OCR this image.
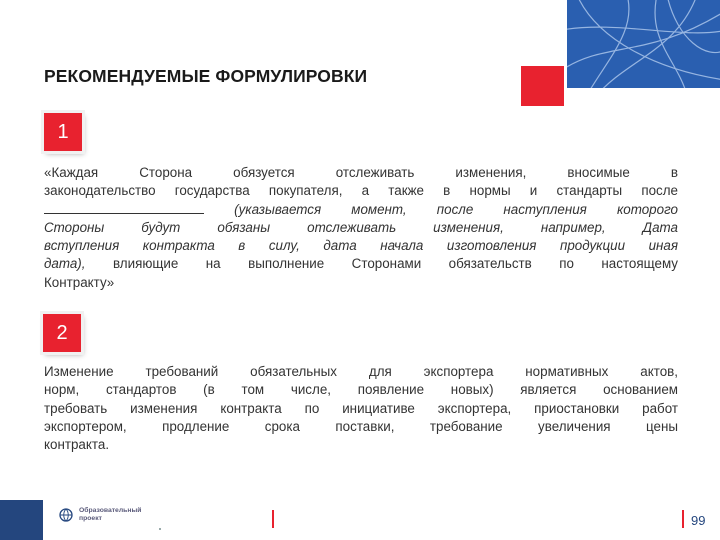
РЕКОМЕНДУЕМЫЕ ФОРМУЛИРОВКИ
1
«Каждая Сторона обязуется отслеживать изменения, вносимые в
законодательство государства покупателя, а также в нормы и стандарты после
(указывается момент, после наступления которого
Стороны будут обязаны отслеживать изменения, например, Дата
вступления контракта в силу, дата начала изготовления продукции иная
дата), влияющие на выполнение Сторонами обязательств по настоящему
Контракту»
2
Изменение требований обязательных для экспортера нормативных актов,
норм, стандартов (в том числе, появление новых) является основанием
требовать изменения контракта по инициативе экспортера, приостановки работ
экспортером, продление срока поставки, требование увеличения цены
контракта.
Образовательный
проект	99
